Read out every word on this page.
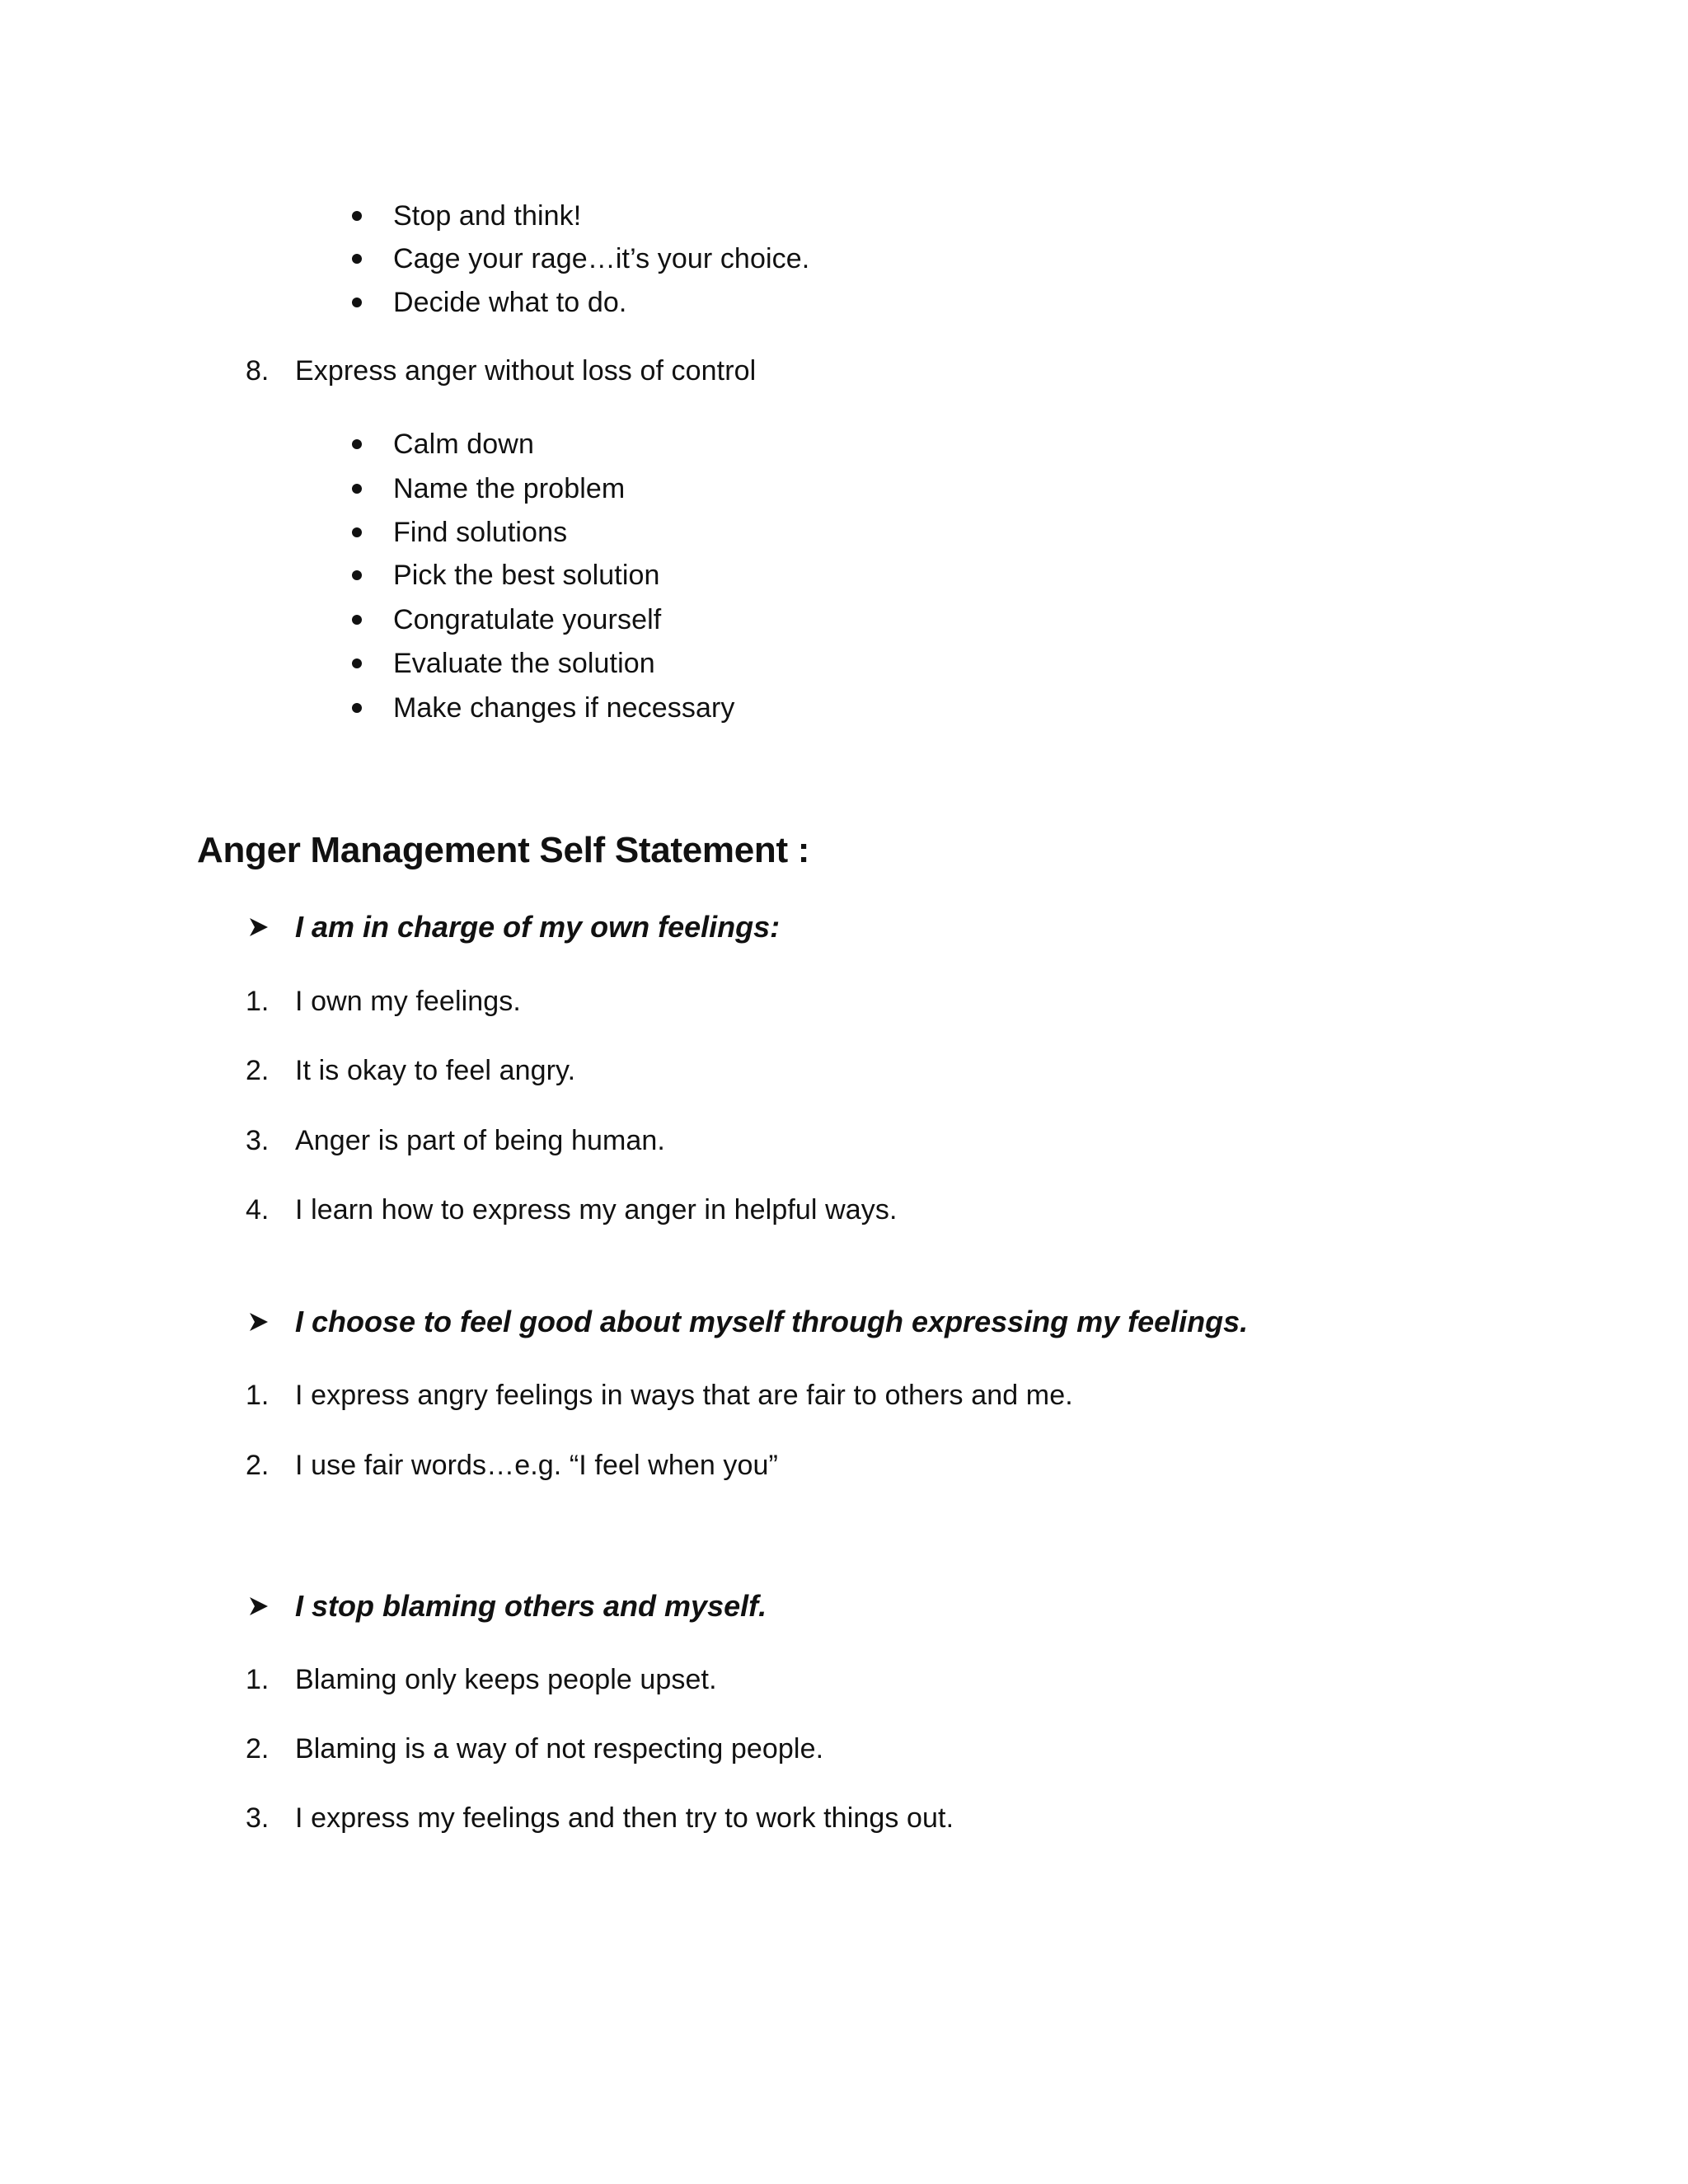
Stop and think!
Cage your rage…it’s your choice.
Decide what to do.
8. Express anger without loss of control
Calm down
Name the problem
Find solutions
Pick the best solution
Congratulate yourself
Evaluate the solution
Make changes if necessary
Anger Management Self Statement :
I am in charge of my own feelings:
1. I own my feelings.
2. It is okay to feel angry.
3. Anger is part of being human.
4. I learn how to express my anger in helpful ways.
I choose to feel good about myself through expressing my feelings.
1. I express angry feelings in ways that are fair to others and me.
2. I use fair words…e.g. “I feel when you”
I stop blaming others and myself.
1. Blaming only keeps people upset.
2. Blaming is a way of not respecting people.
3. I express my feelings and then try to work things out.
